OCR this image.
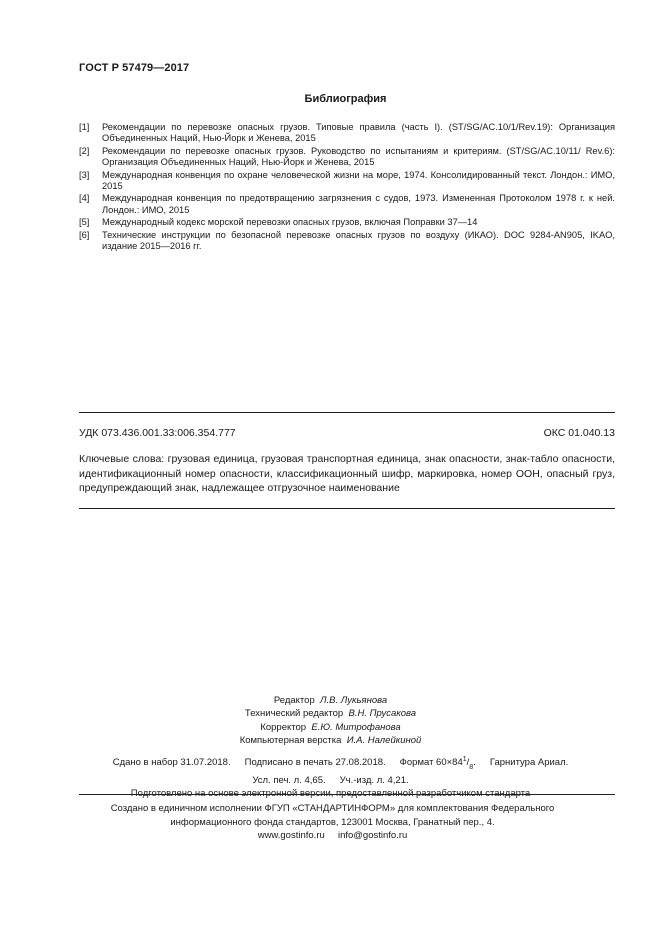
ГОСТ Р 57479—2017
Библиография
[1]	Рекомендации по перевозке опасных грузов. Типовые правила (часть I). (ST/SG/AC.10/1/Rev.19): Организация Объединенных Наций, Нью-Йорк и Женева, 2015
[2]	Рекомендации по перевозке опасных грузов. Руководство по испытаниям и критериям. (ST/SG/AC.10/11/ Rev.6): Организация Объединенных Наций, Нью-Йорк и Женева, 2015
[3]	Международная конвенция по охране человеческой жизни на море, 1974. Консолидированный текст. Лондон.: ИМО, 2015
[4]	Международная конвенция по предотвращению загрязнения с судов, 1973. Измененная Протоколом 1978 г. к ней. Лондон.: ИМО, 2015
[5]	Международный кодекс морской перевозки опасных грузов, включая Поправки 37—14
[6]	Технические инструкции по безопасной перевозке опасных грузов по воздуху (ИКАО). DOC 9284-AN905, IKAO, издание 2015—2016 гг.
УДК 073.436.001.33:006.354.777	ОКС 01.040.13
Ключевые слова: грузовая единица, грузовая транспортная единица, знак опасности, знак-табло опасности, идентификационный номер опасности, классификационный шифр, маркировка, номер ООН, опасный груз, предупреждающий знак, надлежащее отгрузочное наименование
Редактор Л.В. Лукьянова
Технический редактор В.Н. Прусакова
Корректор Е.Ю. Митрофанова
Компьютерная верстка И.А. Налейкиной
Сдано в набор 31.07.2018. Подписано в печать 27.08.2018. Формат $60\times 84^1/_8$. Гарнитура Ариал.
Усл. печ. л. 4,65. Уч.-изд. л. 4,21.
Подготовлено на основе электронной версии, предоставленной разработчиком стандарта
Создано в единичном исполнении ФГУП «СТАНДАРТИНФОРМ» для комплектования Федерального
информационного фонда стандартов, 123001 Москва, Гранатный пер., 4.
www.gostinfo.ru info@gostinfo.ru
